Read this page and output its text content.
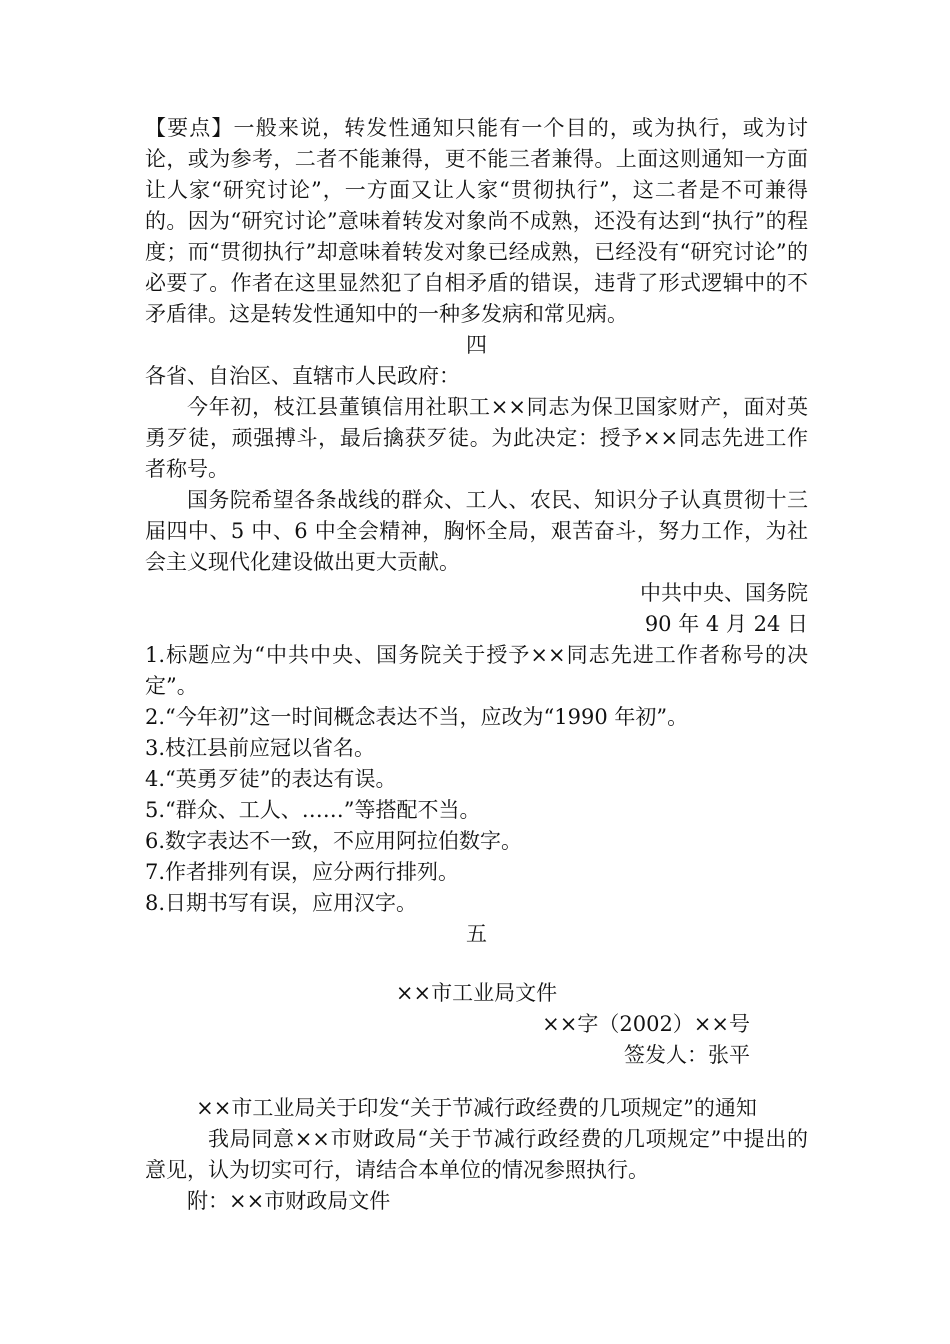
【要点】一般来说，转发性通知只能有一个目的，或为执行，或为讨论，或为参考，二者不能兼得，更不能三者兼得。上面这则通知一方面让人家“研究讨论”，一方面又让人家“贯彻执行”，这二者是不可兼得的。因为“研究讨论”意味着转发对象尚不成熟，还没有达到“执行”的程度；而“贯彻执行”却意味着转发对象已经成熟，已经没有“研究讨论”的必要了。作者在这里显然犯了自相矛盾的错误，违背了形式逻辑中的不矛盾律。这是转发性通知中的一种多发病和常见病。

四

各省、自治区、直辖市人民政府：

今年初，枝江县董镇信用社职工××同志为保卫国家财产，面对英勇歹徒，顽强搏斗，最后擒获歹徒。为此决定：授予××同志先进工作者称号。

国务院希望各条战线的群众、工人、农民、知识分子认真贯彻十三届四中、5 中、6 中全会精神，胸怀全局，艰苦奋斗，努力工作，为社会主义现代化建设做出更大贡献。

中共中央、国务院

90 年 4 月 24 日

1.标题应为“中共中央、国务院关于授予××同志先进工作者称号的决定”。

2.“今年初”这一时间概念表达不当，应改为“1990 年初”。

3.枝江县前应冠以省名。

4.“英勇歹徒”的表达有误。

5.“群众、工人、……”等搭配不当。

6.数字表达不一致，不应用阿拉伯数字。

7.作者排列有误，应分两行排列。

8.日期书写有误，应用汉字。

五

××市工业局文件

××字（2002）××号

签发人：张平

××市工业局关于印发“关于节减行政经费的几项规定”的通知

我局同意××市财政局“关于节减行政经费的几项规定”中提出的意见，认为切实可行，请结合本单位的情况参照执行。

附：××市财政局文件
